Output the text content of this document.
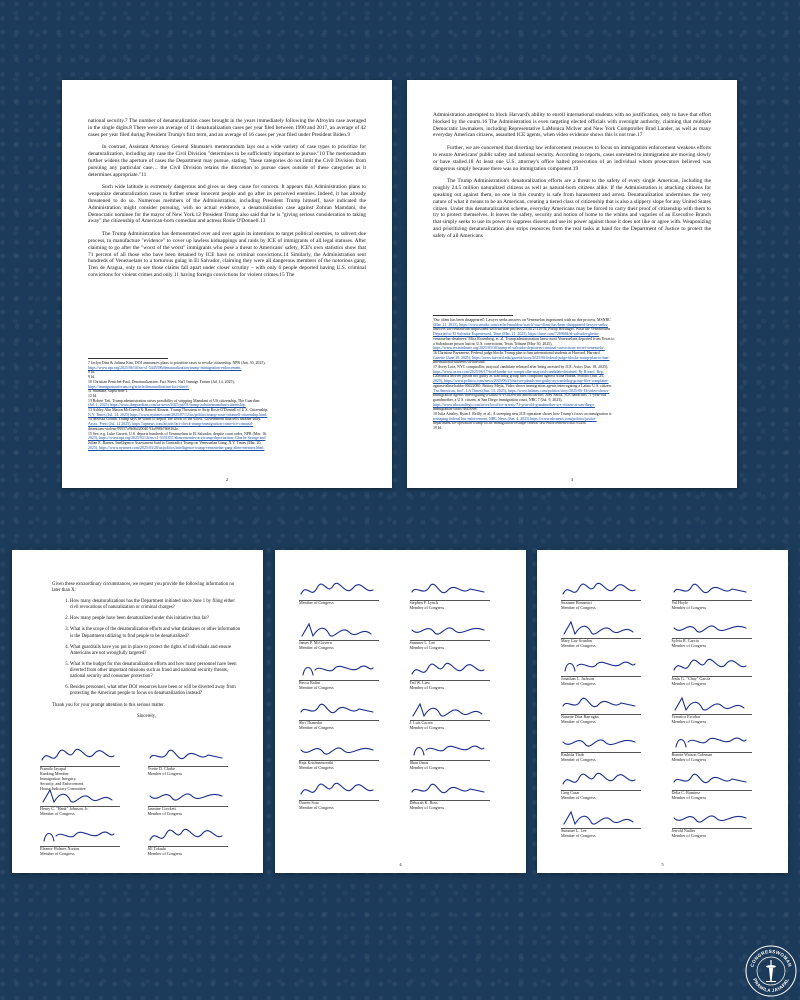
national security.7 The number of denaturalization cases brought in the years immediately following the Afroyim case averaged in the single digits.8 There were an average of 11 denaturalization cases per year filed between 1990 and 2017, an average of 42 cases per year filed during President Trump's first term, and an average of 16 cases per year filed under President Biden.9

In contrast, Assistant Attorney General Shumate's memorandum lays out a wide variety of case types to prioritize for denaturalization, including any case the Civil Division "determines to be sufficiently important to pursue."10 The memorandum further widens the aperture of cases the Department may pursue, stating, "these categories do not limit the Civil Division from pursuing any particular case… the Civil Division retains the discretion to pursue cases outside of these categories as it determines appropriate."11

Such wide latitude is extremely dangerous and gives us deep cause for concern. It appears this Administration plans to weaponize denaturalization cases to further smear innocent people and go after its perceived enemies. Indeed, it has already threatened to do so. Numerous members of the Administration, including President Trump himself, have indicated the Administration might consider pursuing, with no actual evidence, a denaturalization case against Zohran Mamdani, the Democratic nominee for the mayor of New York.12 President Trump also said that he is "giving serious consideration to taking away" the citizenship of American-born comedian and actress Rosie O'Donnell.13

The Trump Administration has demonstrated over and over again its intentions to target political enemies, to subvert due process, to manufacture "evidence" to cover up lawless kidnappings and raids by ICE of immigrants of all legal statuses. After claiming to go after the "worst of the worst" immigrants who pose a threat to Americans' safety, ICE's own statistics show that 71 percent of all those who have been detained by ICE have no criminal convictions.14 Similarly, the Administration sent hundreds of Venezuelans to a torturous gulag in El Salvador, claiming they were all dangerous members of the notorious gang, Tren de Aragua, only to see those claims fall apart under closer scrutiny – with only 6 people deported having U.S. criminal convictions for violent crimes and only 11 having foreign convictions for violent crimes.15 The

7 Jaclyn Diaz & Juliana Kim, DOJ announces plans to prioritize cases to revoke citizenship, NPR (Jun. 30, 2025),
https://www.npr.org/2025/06/30/nx-s1-5445396/denaturalization-trump-immigration-enforcement.
8 Id.
9 Id.
10 Christian Penichet-Paul, Denaturalization: Fact Sheet, Nat'l Immigr. Forum (Jul. 14, 2025),
https://immigrationforum.org/article/denaturalization-fact-sheet/.
11 Shumate, supra note 1.
12 Id.
13 Robert Tait, Trump administration raises possibility of stripping Mamdani of US citizenship, The Guardian
(Jul. 1, 2025) https://www.theguardian.com/us-news/2025/jul/01/trump-zohran-mamdani-citizenship.
13 Ashley Ahn Mason McCreesh & Hamed Aleaziz, Trump Threatens to Strip Rosie O'Donnell of U.S. Citizenship,
N.Y. Times (Jul. 14, 2025) https://www.nytimes.com/2025/07/12/us/politics/trump-rosie-odonnell-citizenship.html.
14 Melissa Goldin, Trump says he wants to deport 'the worst of the worst.' Government data tells another story,
Assoc. Press (Jul. 12 2025), https://apnews.com/article/fact-check-trump-immigration-crime-ice-criminal-
detentions-violent-99557a9b06420040 93a998b7668162e.
15 See, e.g. Luke Garrett, U.S. deports hundreds of Venezuelans to El Salvador, despite court order, NPR (Mar. 16,
2025), https://www.npr.org/2025/03/16/nx-s1-5331837/alien-enemies-act-trump-deportations; Charlie Savage and
Julian E. Barnes, Intelligence Assessment Said to Contradict Trump on Venezuelan Gang, N.Y. Times (Mar. 20,
2025), https://www.nytimes.com/2025/03/20/us/politics/intelligence-trump-venezuelan-gang-alien-enemies.html;
2

Administration attempted to block Harvard's ability to enroll international students with no justification, only to have that effort blocked by the courts.16 The Administration is even targeting elected officials with oversight authority, claiming that multiple Democratic lawmakers, including Representative LaMonica McIver and New York Comptroller Brad Lander, as well as many everyday American citizens, assaulted ICE agents, when video evidence shows this is not true.17

Further, we are concerned that diverting law enforcement resources to focus on immigration enforcement weakens efforts to ensure Americans' public safety and national security. According to reports, cases unrelated to immigration are moving slowly or have stalled.18 At least one U.S. attorney's office halted prosecution of an individual whom prosecutors believed was dangerous simply because there was no immigration component.19

The Trump Administration's denaturalization efforts are a threat to the safety of every single American, including the roughly 24.5 million naturalized citizens as well as natural-born citizens alike. If the Administration is attacking citizens for speaking out against them, no one in this country is safe from harassment and arrest. Denaturalization undermines the very nature of what it means to be an American, creating a tiered class of citizenship that is also a slippery slope for any United States citizen. Under this denaturalization scheme, everyday Americans may be forced to carry their proof of citizenship with them to try to protect themselves. It leaves the safety, security and notion of home to the whims and vagaries of an Executive Branch that simply seeks to use its power to suppress dissent and use its power against those it does not like or agree with. Weaponizing and prioritizing denaturalization also strips resources from the real tasks at hand for the Department of Justice to protect the safety of all Americans

'Our client has been disappeared': Lawyer seeks answers on Venezuelan imprisoned with no due process, MSNBC
(Mar. 21, 2025), https://www.msnbc.com/rachel-maddow/watch/-our-client-has-been-disappeared-lawyer-seeks-
answers-on-venezuelan-imprisoned-with-no-due-process-235812741978; Philip Holsinger, What the Venezuelans
Deported to El Salvador Experienced, Time (Mar. 21, 2025), https://time.com/7269684/el-salvador-ghetto-
venezuelan-detainees/ Mica Rosenberg, et. al, Trump administration knew most Venezuelans deported from Texas to
a Salvadoran prison had no U.S. convictions, Texas Tribune (May 30, 2025),
https://www.texastribune.org/2025/05/30/trump-el-salvador-deportees-criminal-convictions-secret-venezuela/.
16 Christina Pazzanese, Federal judge blocks Trump plan to ban international students at Harvard, Harvard
Gazette (June 30, 2025), https://news.harvard.edu/gazette/story/2025/06/federal-judge-blocks-trump-plan-to-ban-
international-students-at-harvard/.
17 Avery Lotz, NYC comptroller, mayoral candidate released after being arrested by ICE, Axios (Jun. 18, 2025),
https://www.axios.com/2025/06/17/brad-lander-ice-comptroller-mayoral-candidate-detained; Ry Rivard, Rep.
LaMonica McIver pleads not guilty as watchdog group files complaint against Alina Habba, Politico (Jun. 25,
2025), https://www.politico.com/news/2025/06/25/mciver-pleads-not-guilty-as-watchdog-group-files-complaint-
against-alina-habba-00422080; Brittny Mejia, Video shows immigration agents interrogating a Latino U.S. citizen:
'I'm American, bro!', LA Times (Jun. 13, 2025), https://www.latimes.com/politics/story/2025-06-13/video-shows-
immigration-agents-interrogating-a-latino-u-s-citizen-im-american-bro; Joey Saltik, ICE handcuffs 71-year-old
grandmother, a U.S. citizen, at San Diego immigration court, NBC 7 (Jul. 9, 2025),
https://www.nbcsandiego.com/news/local/ice-arrests-71-year-old-grandmother-u-s-citizen-at-san-diego-
immigration-court/3845098/.
18 Julia Ainsley, Ryan J. Reilly, et al., A sweeping new ICE operation shows how Trump's focus on immigration is
reshaping federal law enforcement, NBC News (Jun. 4, 2025) https://www.nbcnews.com/politics/justice-
department/ice-operation-trump-focus-immigration-reshape-federal-law-enforcement-rcna193494.
19 Id.
3

Given these extraordinary circumstances, we request you provide the following information no later than X:

1. How many denaturalizations has the Department initiated since June 1 by filing either civil revocations of naturalization or criminal charges?
2. How many people have been denaturalized under this initiative thus far?
3. What is the scope of the denaturalization efforts and what databases or other information is the Department utilizing to find people to be denaturalized?
4. What guardrails have you put in place to protect the rights of individuals and ensure Americans are not wrongfully targeted?
5. What is the budget for this denaturalization efforts and how many personnel have been diverted from other important missions such as fraud and national security threats, national security and consumer protection?
6. Besides personnel, what other DOJ resources have been or will be diverted away from protecting the American people to focus on denaturalization instead?

Thank you for your prompt attention to this serious matter.

Sincerely,
Pramila Jayapal
Ranking Member
Immigration Integrity,
Security, and Enforcement
House Judiciary Committee
Yvette D. Clarke
Member of Congress
Henry C. "Hank" Johnson, Jr.
Member of Congress
Jasmine Crockett
Member of Congress
Eleanor Holmes Norton
Member of Congress
Jill Tokuda
Member of Congress
Member of Congress	Stephen F. Lynch
Member of Congress
James P. McGovern
Member of Congress
Summer L. Lee
Member of Congress
Becca Balint
Member of Congress
Ted W. Lieu
Member of Congress
Shri Thanedar
Member of Congress
J. Luis Correa
Member of Congress
Raja Krishnamoorthi
Member of Congress
Ilhan Omar
Member of Congress
Darren Soto
Member of Congress
Deborah K. Ross
Member of Congress
4
Suzanne Bonamici
Member of Congress
Val Hoyle
Member of Congress
Mary Gay Scanlon
Member of Congress
Sylvia R. Garcia
Member of Congress
Jonathan L. Jackson
Member of Congress
Jesús G. "Chuy" García
Member of Congress
Nanette Diaz Barragán
Member of Congress
Veronica Escobar
Member of Congress
Rashida Tlaib
Member of Congress
Bonnie Watson Coleman
Member of Congress
Greg Casar
Member of Congress
Delia C. Ramirez
Member of Congress
Summer L. Lee
Member of Congress
Jerrold Nadler
Member of Congress
5
CONGRESSWOMAN
PRAMILA JAYAPAL
